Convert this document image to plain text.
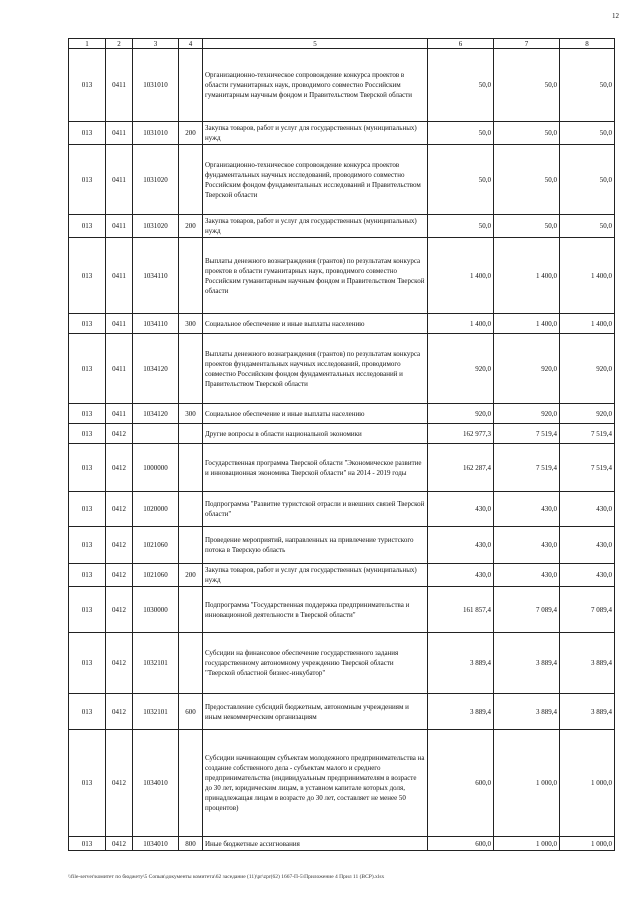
12
1	2	3	4	5	6	7	8
013	0411	1031010		Организационно-техническое сопровождение конкурса проектов в области гуманитарных наук, проводимого совместно Российским гуманитарным научным фондом и Правительством Тверской области	50,0	50,0	50,0
013	0411	1031010	200	Закупка товаров, работ и услуг для государственных (муниципальных) нужд	50,0	50,0	50,0
013	0411	1031020		Организационно-техническое сопровождение конкурса проектов фундаментальных научных исследований, проводимого совместно Российским фондом фундаментальных исследований и Правительством Тверской области	50,0	50,0	50,0
013	0411	1031020	200	Закупка товаров, работ и услуг для государственных (муниципальных) нужд	50,0	50,0	50,0
013	0411	1034110		Выплаты денежного вознаграждения (грантов) по результатам конкурса проектов в области гуманитарных наук, проводимого совместно Российским гуманитарным научным фондом и Правительством Тверской области	1 400,0	1 400,0	1 400,0
013	0411	1034110	300	Социальное обеспечение и иные выплаты населению	1 400,0	1 400,0	1 400,0
013	0411	1034120		Выплаты денежного вознаграждения (грантов) по результатам конкурса проектов фундаментальных научных исследований, проводимого совместно Российским фондом фундаментальных исследований и Правительством Тверской области	920,0	920,0	920,0
013	0411	1034120	300	Социальное обеспечение и иные выплаты населению	920,0	920,0	920,0
013	0412			Другие вопросы в области национальной экономики	162 977,3	7 519,4	7 519,4
013	0412	1000000		Государственная программа Тверской области "Экономическое развитие и инновационная экономика Тверской области" на 2014 - 2019 годы	162 287,4	7 519,4	7 519,4
013	0412	1020000		Подпрограмма "Развитие туристской отрасли и внешних связей Тверской области"	430,0	430,0	430,0
013	0412	1021060		Проведение мероприятий, направленных на привлечение туристского потока в Тверскую область	430,0	430,0	430,0
013	0412	1021060	200	Закупка товаров, работ и услуг для государственных (муниципальных) нужд	430,0	430,0	430,0
013	0412	1030000		Подпрограмма "Государственная поддержка предпринимательства и инновационной деятельности в Тверской области"	161 857,4	7 089,4	7 089,4
013	0412	1032101		Субсидии на финансовое обеспечение государственного задания государственному автономному учреждению Тверской области "Тверской областной бизнес-инкубатор"	3 889,4	3 889,4	3 889,4
013	0412	1032101	600	Предоставление субсидий бюджетным, автономным учреждениям и иным некоммерческим организациям	3 889,4	3 889,4	3 889,4
013	0412	1034010		Субсидии начинающим субъектам молодежного предпринимательства на создание собственного дела - субъектам малого и среднего предпринимательства (индивидуальным предпринимателям в возрасте до 30 лет, юридическим лицам, в уставном капитале которых доля, принадлежащая лицам в возрасте до 30 лет, составляет не менее 50 процентов)	600,0	1 000,0	1 000,0
013	0412	1034010	800	Иные бюджетные ассигнования	600,0	1 000,0	1 000,0
\\file-server\комитет по бюджету\5 Сопыв\документы комитета\62 заседание (11)\pr\zpr(62) 1667-П-5\Приложение 4 Прил 11 (ВСР).xlsx
